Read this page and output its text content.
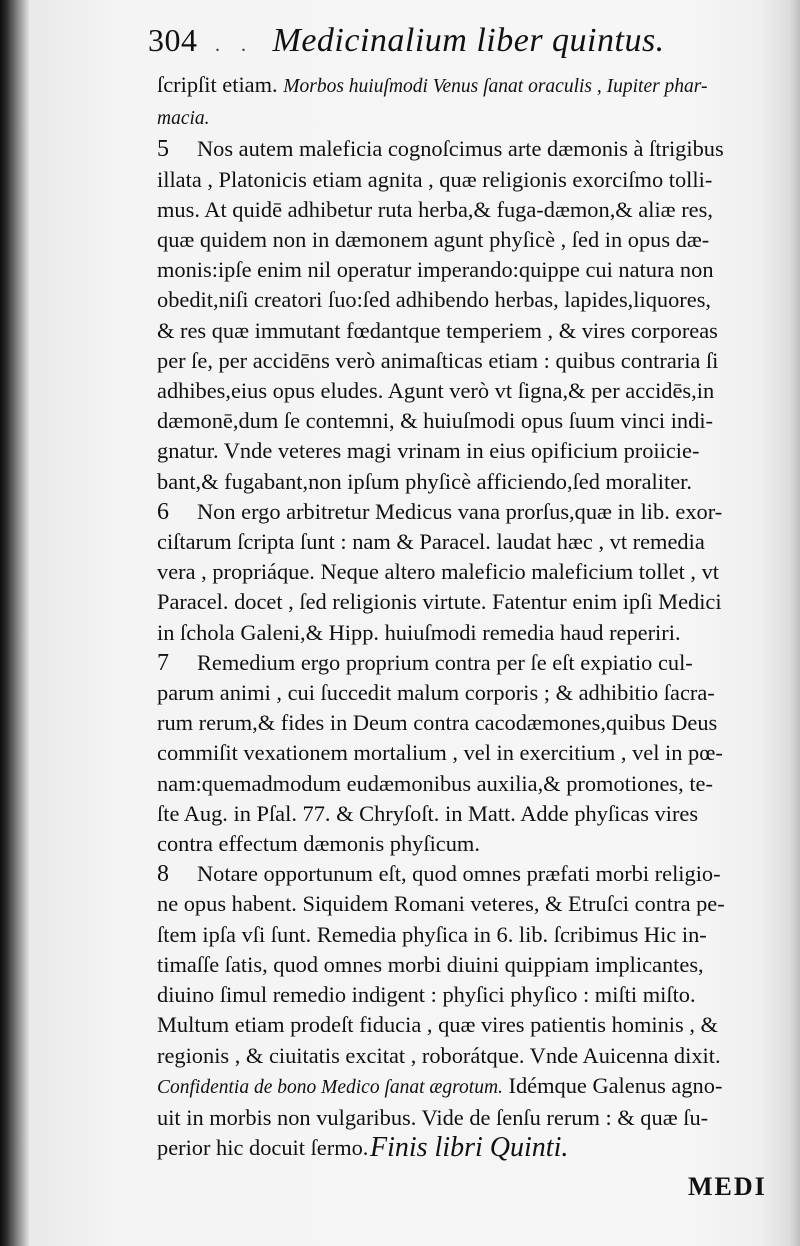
304 . . Medicinalium liber quintus.
ſcripſit etiam. Morbos huiuſmodi Venus ſanat oraculis , Iupiter phar-
macia.
5 Nos autem maleficia cognoſcimus arte dæmonis à ſtrigibus
illata , Platonicis etiam agnita , quæ religionis exorciſmo tolli-
mus. At quidē adhibetur ruta herba,& fuga-dæmon,& aliæ res,
quæ quidem non in dæmonem agunt phyſicè , ſed in opus dæ-
monis:ipſe enim nil operatur imperando:quippe cui natura non
obedit,niſi creatori ſuo:ſed adhibendo herbas, lapides,liquores,
& res quæ immutant fœdantque temperiem , & vires corporeas
per ſe, per accidēns verò animaſticas etiam : quibus contraria ſi
adhibes,eius opus eludes. Agunt verò vt ſigna,& per accidēs,in
dæmonē,dum ſe contemni, & huiuſmodi opus ſuum vinci indi-
gnatur. Vnde veteres magi vrinam in eius opificium proiicie-
bant,& fugabant,non ipſum phyſicè afficiendo,ſed moraliter.
6 Non ergo arbitretur Medicus vana prorſus,quæ in lib. exor-
ciſtarum ſcripta ſunt : nam & Paracel. laudat hæc , vt remedia
vera , propriáque. Neque altero maleficio maleficium tollet , vt
Paracel. docet , ſed religionis virtute. Fatentur enim ipſi Medici
in ſchola Galeni,& Hipp. huiuſmodi remedia haud reperiri.
7 Remedium ergo proprium contra per ſe eſt expiatio cul-
parum animi , cui ſuccedit malum corporis ; & adhibitio ſacra-
rum rerum,& fides in Deum contra cacodæmones,quibus Deus
commiſit vexationem mortalium , vel in exercitium , vel in pœ-
nam:quemadmodum eudæmonibus auxilia,& promotiones, te-
ſte Aug. in Pſal. 77. & Chryſoſt. in Matt. Adde phyſicas vires
contra effectum dæmonis phyſicum.
8 Notare opportunum eſt, quod omnes præfati morbi religio-
ne opus habent. Siquidem Romani veteres, & Etruſci contra pe-
ſtem ipſa vſi ſunt. Remedia phyſica in 6. lib. ſcribimus Hic in-
timaſſe ſatis, quod omnes morbi diuini quippiam implicantes,
diuino ſimul remedio indigent : phyſici phyſico : miſti miſto.
Multum etiam prodeſt fiducia , quæ vires patientis hominis , &
regionis , & ciuitatis excitat , roborátque. Vnde Auicenna dixit.
Confidentia de bono Medico ſanat ægrotum. Idémque Galenus agno-
uit in morbis non vulgaribus. Vide de ſenſu rerum : & quæ ſu-
perior hic docuit ſermo. Finis libri Quinti.
MEDI
